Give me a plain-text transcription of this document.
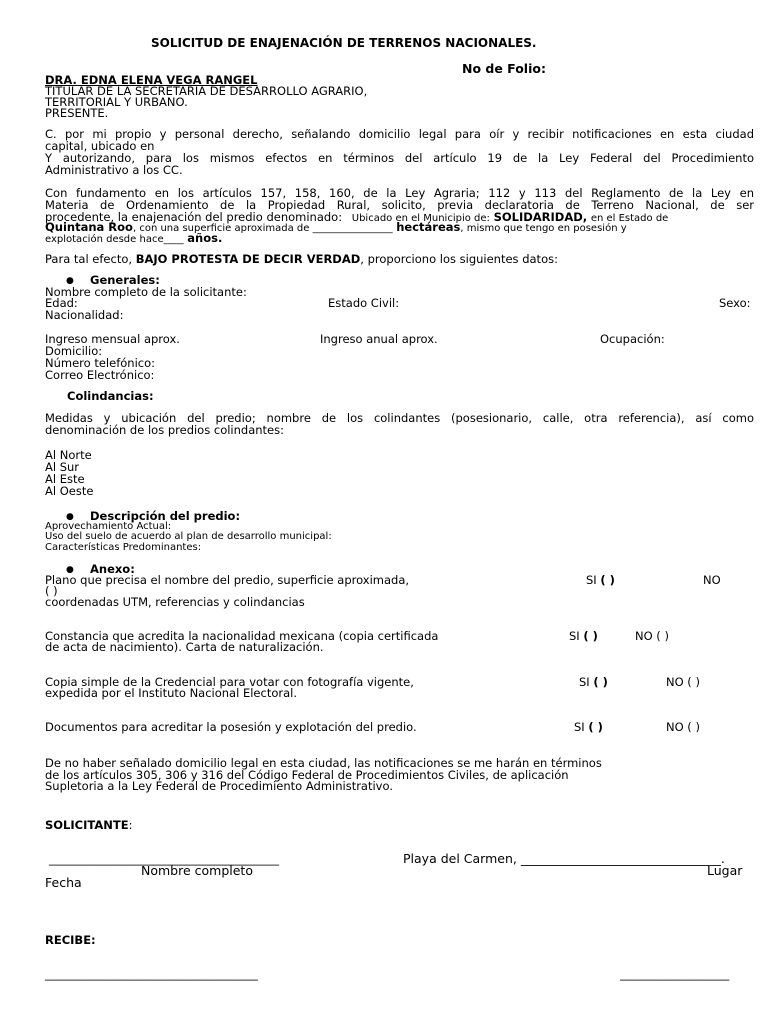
SOLICITUD DE ENAJENACIÓN DE TERRENOS NACIONALES.
No de Folio:
DRA. EDNA ELENA VEGA RANGEL
TITULAR DE LA SECRETARIA DE DESARROLLO AGRARIO,
TERRITORIAL Y URBANO.
PRESENTE.
C. por mi propio y personal derecho, señalando domicilio legal para oír y recibir notificaciones en esta ciudad
capital, ubicado en
Y autorizando, para los mismos efectos en términos del artículo 19 de la Ley Federal del Procedimiento
Administrativo a los CC.
Con fundamento en los artículos 157, 158, 160, de la Ley Agraria; 112 y 113 del Reglamento de la Ley en
Materia de Ordenamiento de la Propiedad Rural, solicito, previa declaratoria de Terreno Nacional, de ser
procedente, la enajenación del predio denominado: Ubicado en el Municipio de: SOLIDARIDAD, en el Estado de
Quintana Roo, con una superficie aproximada de ________________ hectáreas, mismo que tengo en posesión y
explotación desde hace____ años.
Para tal efecto, BAJO PROTESTA DE DECIR VERDAD, proporciono los siguientes datos:
● Generales:
Nombre completo de la solicitante:
Edad:	Estado Civil:	Sexo:
Nacionalidad:
Ingreso mensual aprox.	Ingreso anual aprox.	Ocupación:
Domicilio:
Número telefónico:
Correo Electrónico:
Colindancias:
Medidas y ubicación del predio; nombre de los colindantes (posesionario, calle, otra referencia), así como
denominación de los predios colindantes:
Al Norte
Al Sur
Al Este
Al Oeste
● Descripción del predio:
Aprovechamiento Actual:
Uso del suelo de acuerdo al plan de desarrollo municipal:
Características Predominantes:
● Anexo:
Plano que precisa el nombre del predio, superficie aproximada,	SI ( )	NO
( )
coordenadas UTM, referencias y colindancias
Constancia que acredita la nacionalidad mexicana (copia certificada	SI ( )	NO ( )
de acta de nacimiento). Carta de naturalización.
Copia simple de la Credencial para votar con fotografía vigente,	SI ( )	NO ( )
expedida por el Instituto Nacional Electoral.
Documentos para acreditar la posesión y explotación del predio.	SI ( )	NO ( )
De no haber señalado domicilio legal en esta ciudad, las notificaciones se me harán en términos
de los artículos 305, 306 y 316 del Código Federal de Procedimientos Civiles, de aplicación
Supletoria a la Ley Federal de Procedimiento Administrativo.
SOLICITANTE:
________________________________________
Nombre completo
Playa del Carmen, ________________________________.
Lugar
Fecha
RECIBE:
_____________________________________	___________________
